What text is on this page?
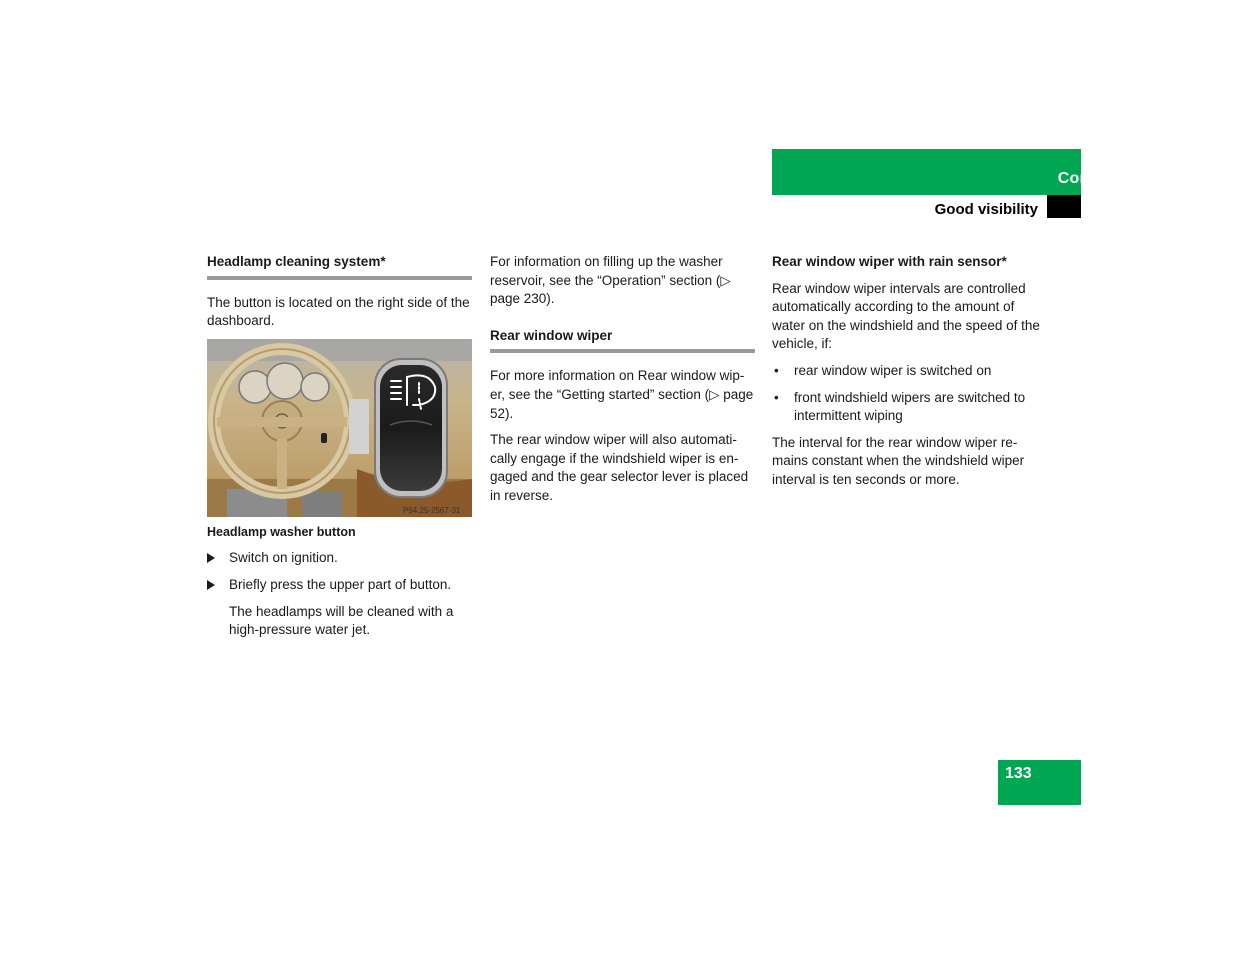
Controls in detail
Good visibility
Headlamp cleaning system*

The button is located on the right side of the dashboard.

P54.25-2567-31

Headlamp washer button

Switch on ignition.
Briefly press the upper part of button.

The headlamps will be cleaned with a high-pressure water jet.

For information on filling up the washer reservoir, see the “Operation” section (▷ page 230).

Rear window wiper

For more information on Rear window wip-er, see the “Getting started” section (▷ page 52).

The rear window wiper will also automati-cally engage if the windshield wiper is en-gaged and the gear selector lever is placed in reverse.

Rear window wiper with rain sensor*

Rear window wiper intervals are controlled automatically according to the amount of water on the windshield and the speed of the vehicle, if:

• rear window wiper is switched on
• front windshield wipers are switched to intermittent wiping

The interval for the rear window wiper re-mains constant when the windshield wiper interval is ten seconds or more.

133
